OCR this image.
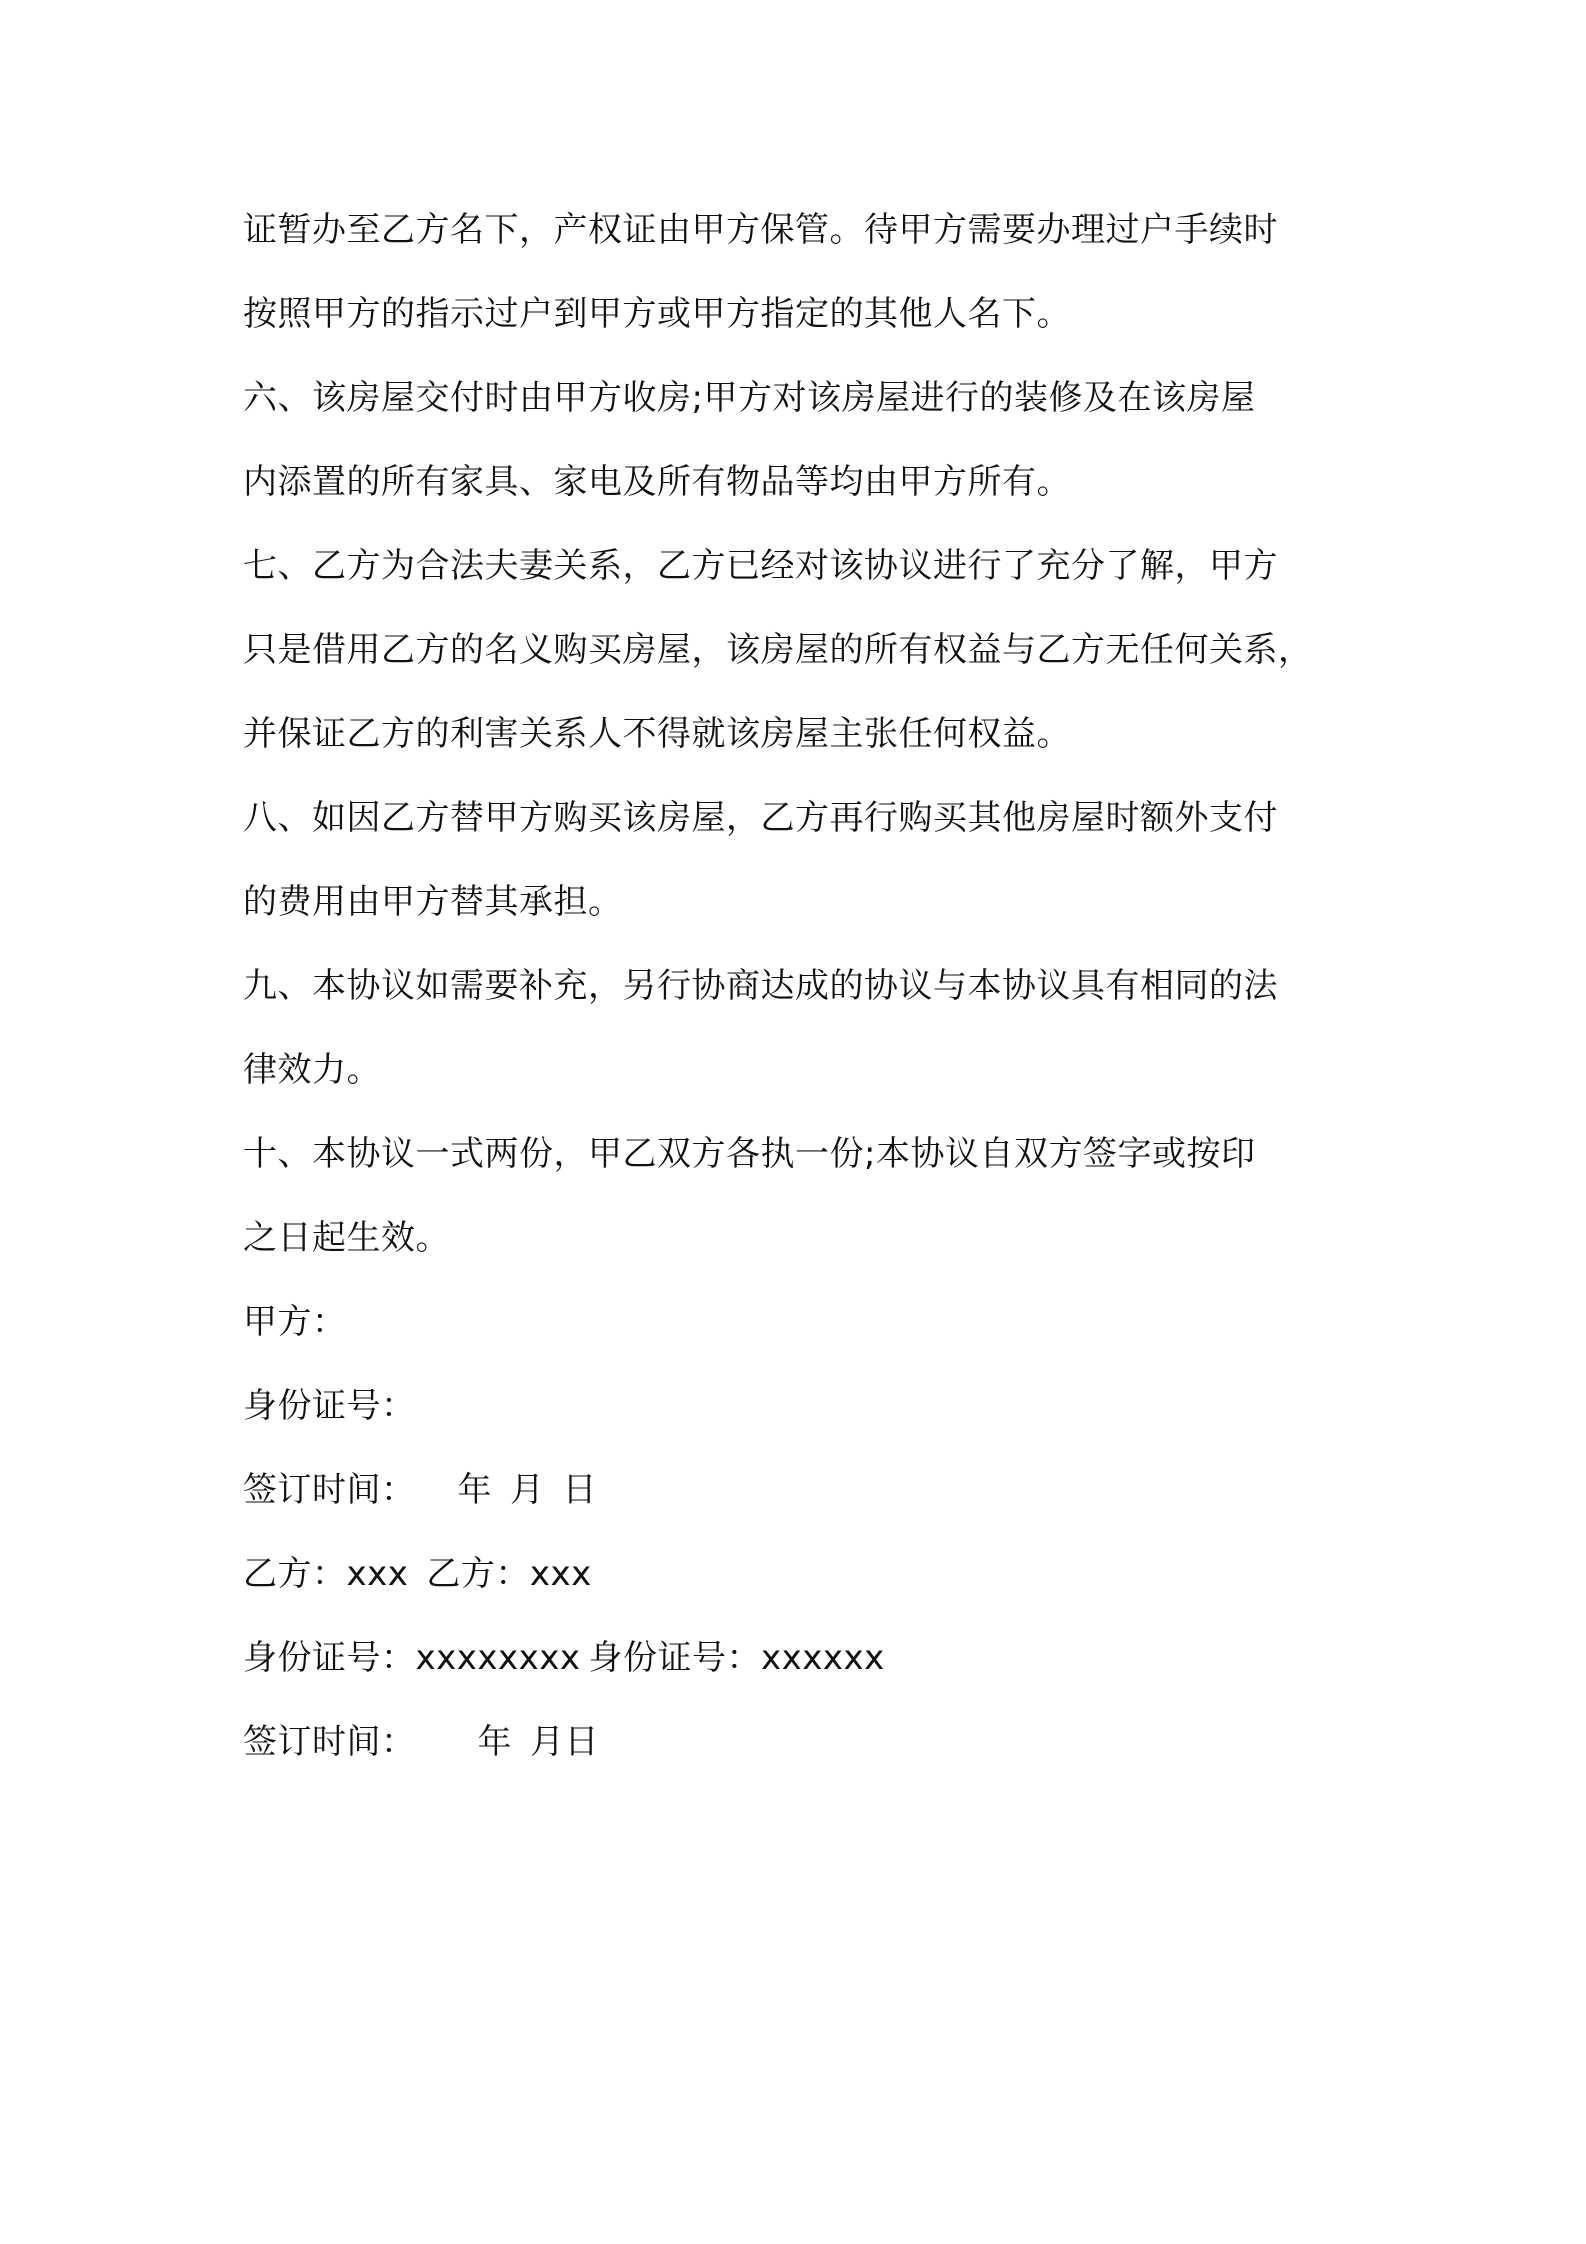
证暂办至乙方名下，产权证由甲方保管。待甲方需要办理过户手续时
按照甲方的指示过户到甲方或甲方指定的其他人名下。
六、该房屋交付时由甲方收房;甲方对该房屋进行的装修及在该房屋
内添置的所有家具、家电及所有物品等均由甲方所有。
七、乙方为合法夫妻关系，乙方已经对该协议进行了充分了解，甲方
只是借用乙方的名义购买房屋，该房屋的所有权益与乙方无任何关系，
并保证乙方的利害关系人不得就该房屋主张任何权益。
八、如因乙方替甲方购买该房屋，乙方再行购买其他房屋时额外支付
的费用由甲方替其承担。
九、本协议如需要补充，另行协商达成的协议与本协议具有相同的法
律效力。
十、本协议一式两份，甲乙双方各执一份;本协议自双方签字或按印
之日起生效。
甲方：
身份证号：
签订时间： 年 月 日
乙方：xxx 乙方：xxx
身份证号：xxxxxxxx 身份证号：xxxxxx
签订时间： 年 月日
